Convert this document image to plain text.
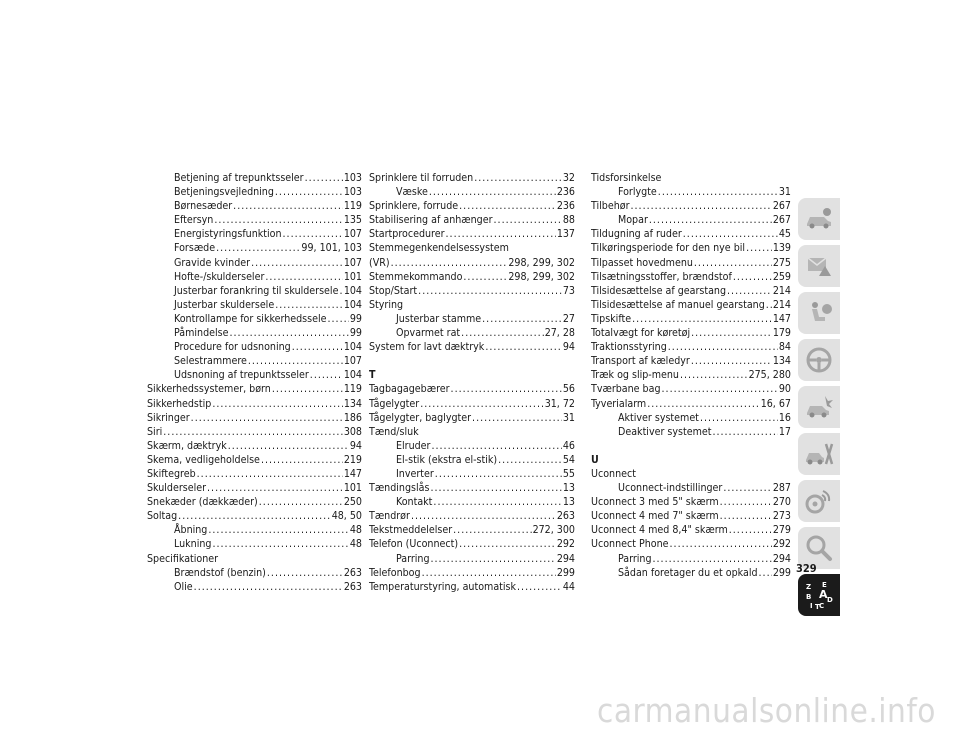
Betjening af trepunktsseler .....	103
Betjeningsvejledning .....	103
Børnesæder .....	119
Eftersyn .....	135
Energistyringsfunktion .....	107
Forsæde .....	99, 101, 103
Gravide kvinder .....	107
Hofte-/skulderseler .....	101
Justerbar forankring til skuldersele ..... 104
Justerbar skuldersele .....	104
Kontrollampe for sikkerhedssele ..... 99
Påmindelse .....	99
Procedure for udsnoning .....	104
Selestrammere .....	107
Udsnoning af trepunktsseler .....	104
Sikkerhedssystemer, børn .....	119
Sikkerhedstip .....	134
Sikringer .....	186
Siri .....	308
Skærm, dæktryk .....	94
Skema, vedligeholdelse .....	219
Skiftegreb .....	147
Skulderseler .....	101
Snekæder (dækkæder) .....	250
Soltag .....	48, 50
Åbning .....	48
Lukning .....	48
Specifikationer
Brændstof (benzin) .....	263
Olie .....	263
Sprinklere til forruden .....	32
Væske .....	236
Sprinklere, forrude .....	236
Stabilisering af anhænger .....	88
Startprocedurer .....	137
Stemmegenkendelsessystem
(VR) .....	298, 299, 302
Stemmekommando .....	298, 299, 302
Stop/Start .....	73
Styring
Justerbar stamme .....	27
Opvarmet rat .....	27, 28
System for lavt dæktryk .....	94
T
Tagbagagebærer .....	56
Tågelygter .....	31, 72
Tågelygter, baglygter .....	31
Tænd/sluk
Elruder .....	46
El-stik (ekstra el-stik) .....	54
Inverter .....	55
Tændingslås .....	13
Kontakt .....	13
Tændrør .....	263
Tekstmeddelelser .....	272, 300
Telefon (Uconnect) .....	292
Parring .....	294
Telefonbog .....	299
Temperaturstyring, automatisk .....	44
Tidsforsinkelse
Forlygte .....	31
Tilbehør .....	267
Mopar .....	267
Tildugning af ruder .....	45
Tilkøringsperiode for den nye bil .....	139
Tilpasset hovedmenu .....	275
Tilsætningsstoffer, brændstof .....	259
Tilsidesættelse af gearstang .....	214
Tilsidesættelse af manuel gearstang ..... 214
Tipskifte .....	147
Totalvægt for køretøj .....	179
Traktionsstyring .....	84
Transport af kæledyr .....	134
Træk og slip-menu .....	275, 280
Tværbane bag .....	90
Tyverialarm .....	16, 67
Aktiver systemet .....	16
Deaktiver systemet .....	17
U
Uconnect
Uconnect-indstillinger .....	287
Uconnect 3 med 5" skærm .....	270
Uconnect 4 med 7" skærm .....	273
Uconnect 4 med 8,4" skærm .....	279
Uconnect Phone .....	292
Parring .....	294
Sådan foretager du et opkald ..... 299
Z E
B A
I C
T
D
329
carmanualsonline.info
